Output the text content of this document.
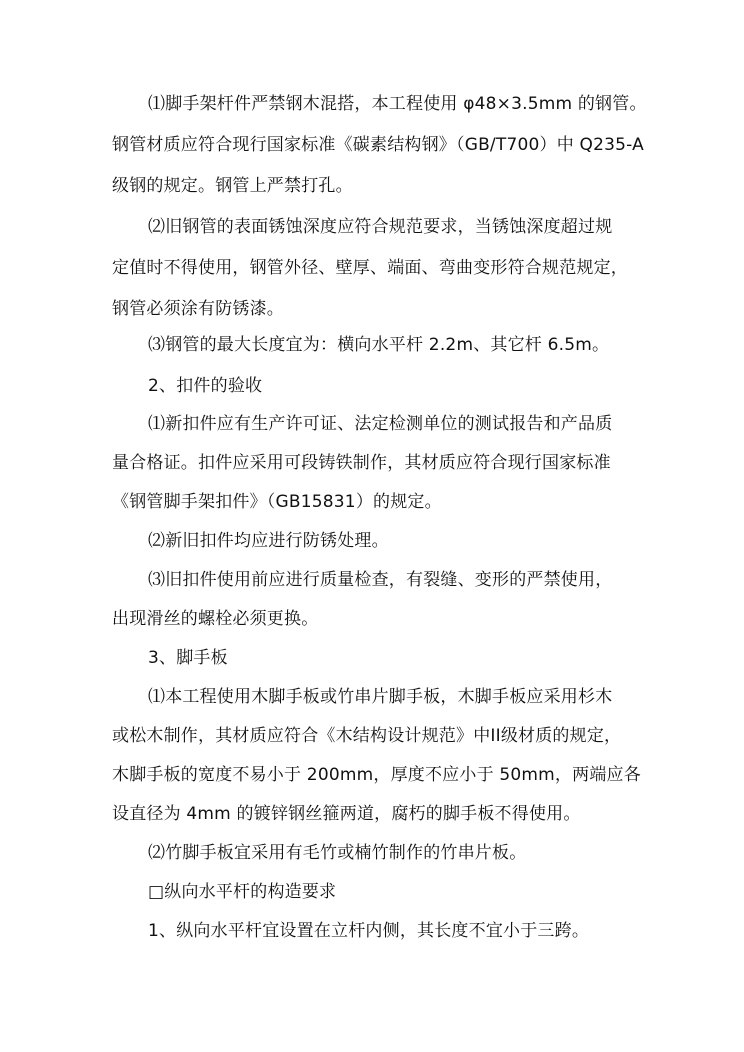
⑴脚手架杆件严禁钢木混搭，本工程使用 φ48×3.5mm 的钢管。
钢管材质应符合现行国家标准《碳素结构钢》（GB/T700）中 Q235-A
级钢的规定。钢管上严禁打孔。
⑵旧钢管的表面锈蚀深度应符合规范要求，当锈蚀深度超过规
定值时不得使用，钢管外径、壁厚、端面、弯曲变形符合规范规定，
钢管必须涂有防锈漆。
⑶钢管的最大长度宜为：横向水平杆 2.2m、其它杆 6.5m。
2、扣件的验收
⑴新扣件应有生产许可证、法定检测单位的测试报告和产品质
量合格证。扣件应采用可段铸铁制作，其材质应符合现行国家标准
《钢管脚手架扣件》（GB15831）的规定。
⑵新旧扣件均应进行防锈处理。
⑶旧扣件使用前应进行质量检查，有裂缝、变形的严禁使用，
出现滑丝的螺栓必须更换。
3、脚手板
⑴本工程使用木脚手板或竹串片脚手板，木脚手板应采用杉木
或松木制作，其材质应符合《木结构设计规范》中II级材质的规定，
木脚手板的宽度不易小于 200mm，厚度不应小于 50mm，两端应各
设直径为 4mm 的镀锌钢丝箍两道，腐朽的脚手板不得使用。
⑵竹脚手板宜采用有毛竹或楠竹制作的竹串片板。
□纵向水平杆的构造要求
1、纵向水平杆宜设置在立杆内侧，其长度不宜小于三跨。
